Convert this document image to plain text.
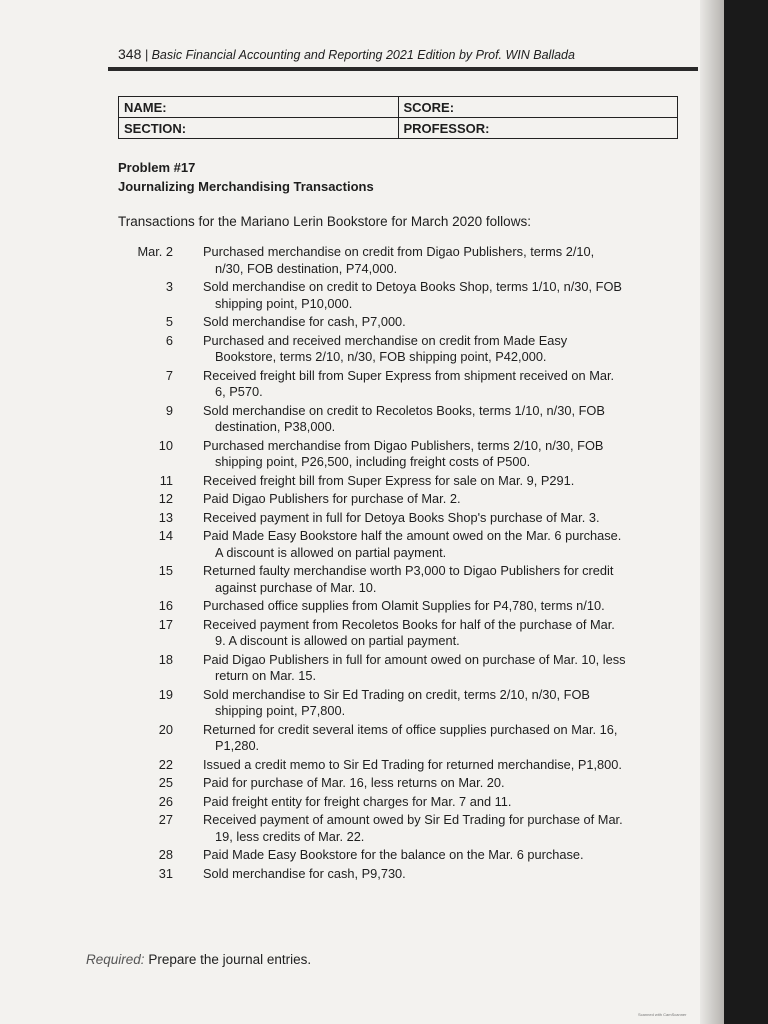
348 | Basic Financial Accounting and Reporting 2021 Edition by Prof. WIN Ballada
NAME:	SCORE:
SECTION:	PROFESSOR:
Problem #17
Journalizing Merchandising Transactions
Transactions for the Mariano Lerin Bookstore for March 2020 follows:
Mar. 2	Purchased merchandise on credit from Digao Publishers, terms 2/10,
n/30, FOB destination, P74,000.
3	Sold merchandise on credit to Detoya Books Shop, terms 1/10, n/30, FOB
shipping point, P10,000.
5	Sold merchandise for cash, P7,000.
6	Purchased and received merchandise on credit from Made Easy
Bookstore, terms 2/10, n/30, FOB shipping point, P42,000.
7	Received freight bill from Super Express from shipment received on Mar.
6, P570.
9	Sold merchandise on credit to Recoletos Books, terms 1/10, n/30, FOB
destination, P38,000.
10	Purchased merchandise from Digao Publishers, terms 2/10, n/30, FOB
shipping point, P26,500, including freight costs of P500.
11	Received freight bill from Super Express for sale on Mar. 9, P291.
12	Paid Digao Publishers for purchase of Mar. 2.
13	Received payment in full for Detoya Books Shop's purchase of Mar. 3.
14	Paid Made Easy Bookstore half the amount owed on the Mar. 6 purchase.
A discount is allowed on partial payment.
15	Returned faulty merchandise worth P3,000 to Digao Publishers for credit
against purchase of Mar. 10.
16	Purchased office supplies from Olamit Supplies for P4,780, terms n/10.
17	Received payment from Recoletos Books for half of the purchase of Mar.
9. A discount is allowed on partial payment.
18	Paid Digao Publishers in full for amount owed on purchase of Mar. 10, less
return on Mar. 15.
19	Sold merchandise to Sir Ed Trading on credit, terms 2/10, n/30, FOB
shipping point, P7,800.
20	Returned for credit several items of office supplies purchased on Mar. 16,
P1,280.
22	Issued a credit memo to Sir Ed Trading for returned merchandise, P1,800.
25	Paid for purchase of Mar. 16, less returns on Mar. 20.
26	Paid freight entity for freight charges for Mar. 7 and 11.
27	Received payment of amount owed by Sir Ed Trading for purchase of Mar.
19, less credits of Mar. 22.
28	Paid Made Easy Bookstore for the balance on the Mar. 6 purchase.
31	Sold merchandise for cash, P9,730.
Required: Prepare the journal entries.
Scanned with CamScanner
